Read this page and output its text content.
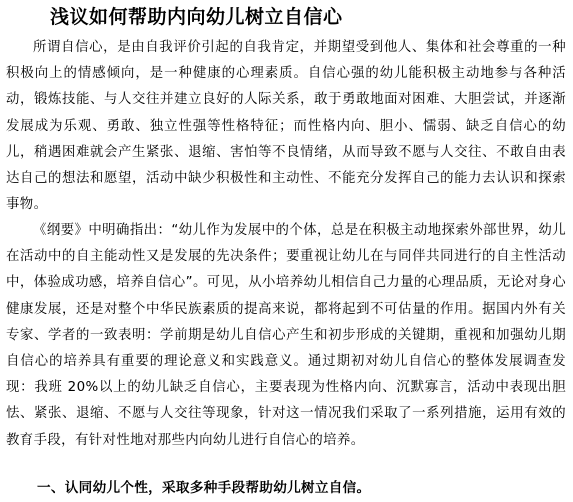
浅议如何帮助内向幼儿树立自信心

所谓自信心，是由自我评价引起的自我肯定，并期望受到他人、集体和社会尊重的一种积极向上的情感倾向，是一种健康的心理素质。自信心强的幼儿能积极主动地参与各种活动，锻炼技能、与人交往并建立良好的人际关系，敢于勇敢地面对困难、大胆尝试，并逐渐发展成为乐观、勇敢、独立性强等性格特征；而性格内向、胆小、懦弱、缺乏自信心的幼儿，稍遇困难就会产生紧张、退缩、害怕等不良情绪，从而导致不愿与人交往、不敢自由表达自己的想法和愿望，活动中缺少积极性和主动性、不能充分发挥自己的能力去认识和探索事物。

《纲要》中明确指出：“幼儿作为发展中的个体，总是在积极主动地探索外部世界，幼儿在活动中的自主能动性又是发展的先决条件；要重视让幼儿在与同伴共同进行的自主性活动中，体验成功感，培养自信心”。可见，从小培养幼儿相信自己力量的心理品质，无论对身心健康发展，还是对整个中华民族素质的提高来说，都将起到不可估量的作用。据国内外有关专家、学者的一致表明：学前期是幼儿自信心产生和初步形成的关键期，重视和加强幼儿期自信心的培养具有重要的理论意义和实践意义。通过期初对幼儿自信心的整体发展调查发现：我班 20%以上的幼儿缺乏自信心，主要表现为性格内向、沉默寡言，活动中表现出胆怯、紧张、退缩、不愿与人交往等现象，针对这一情况我们采取了一系列措施，运用有效的教育手段，有针对性地对那些内向幼儿进行自信心的培养。

一、认同幼儿个性，采取多种手段帮助幼儿树立自信。
